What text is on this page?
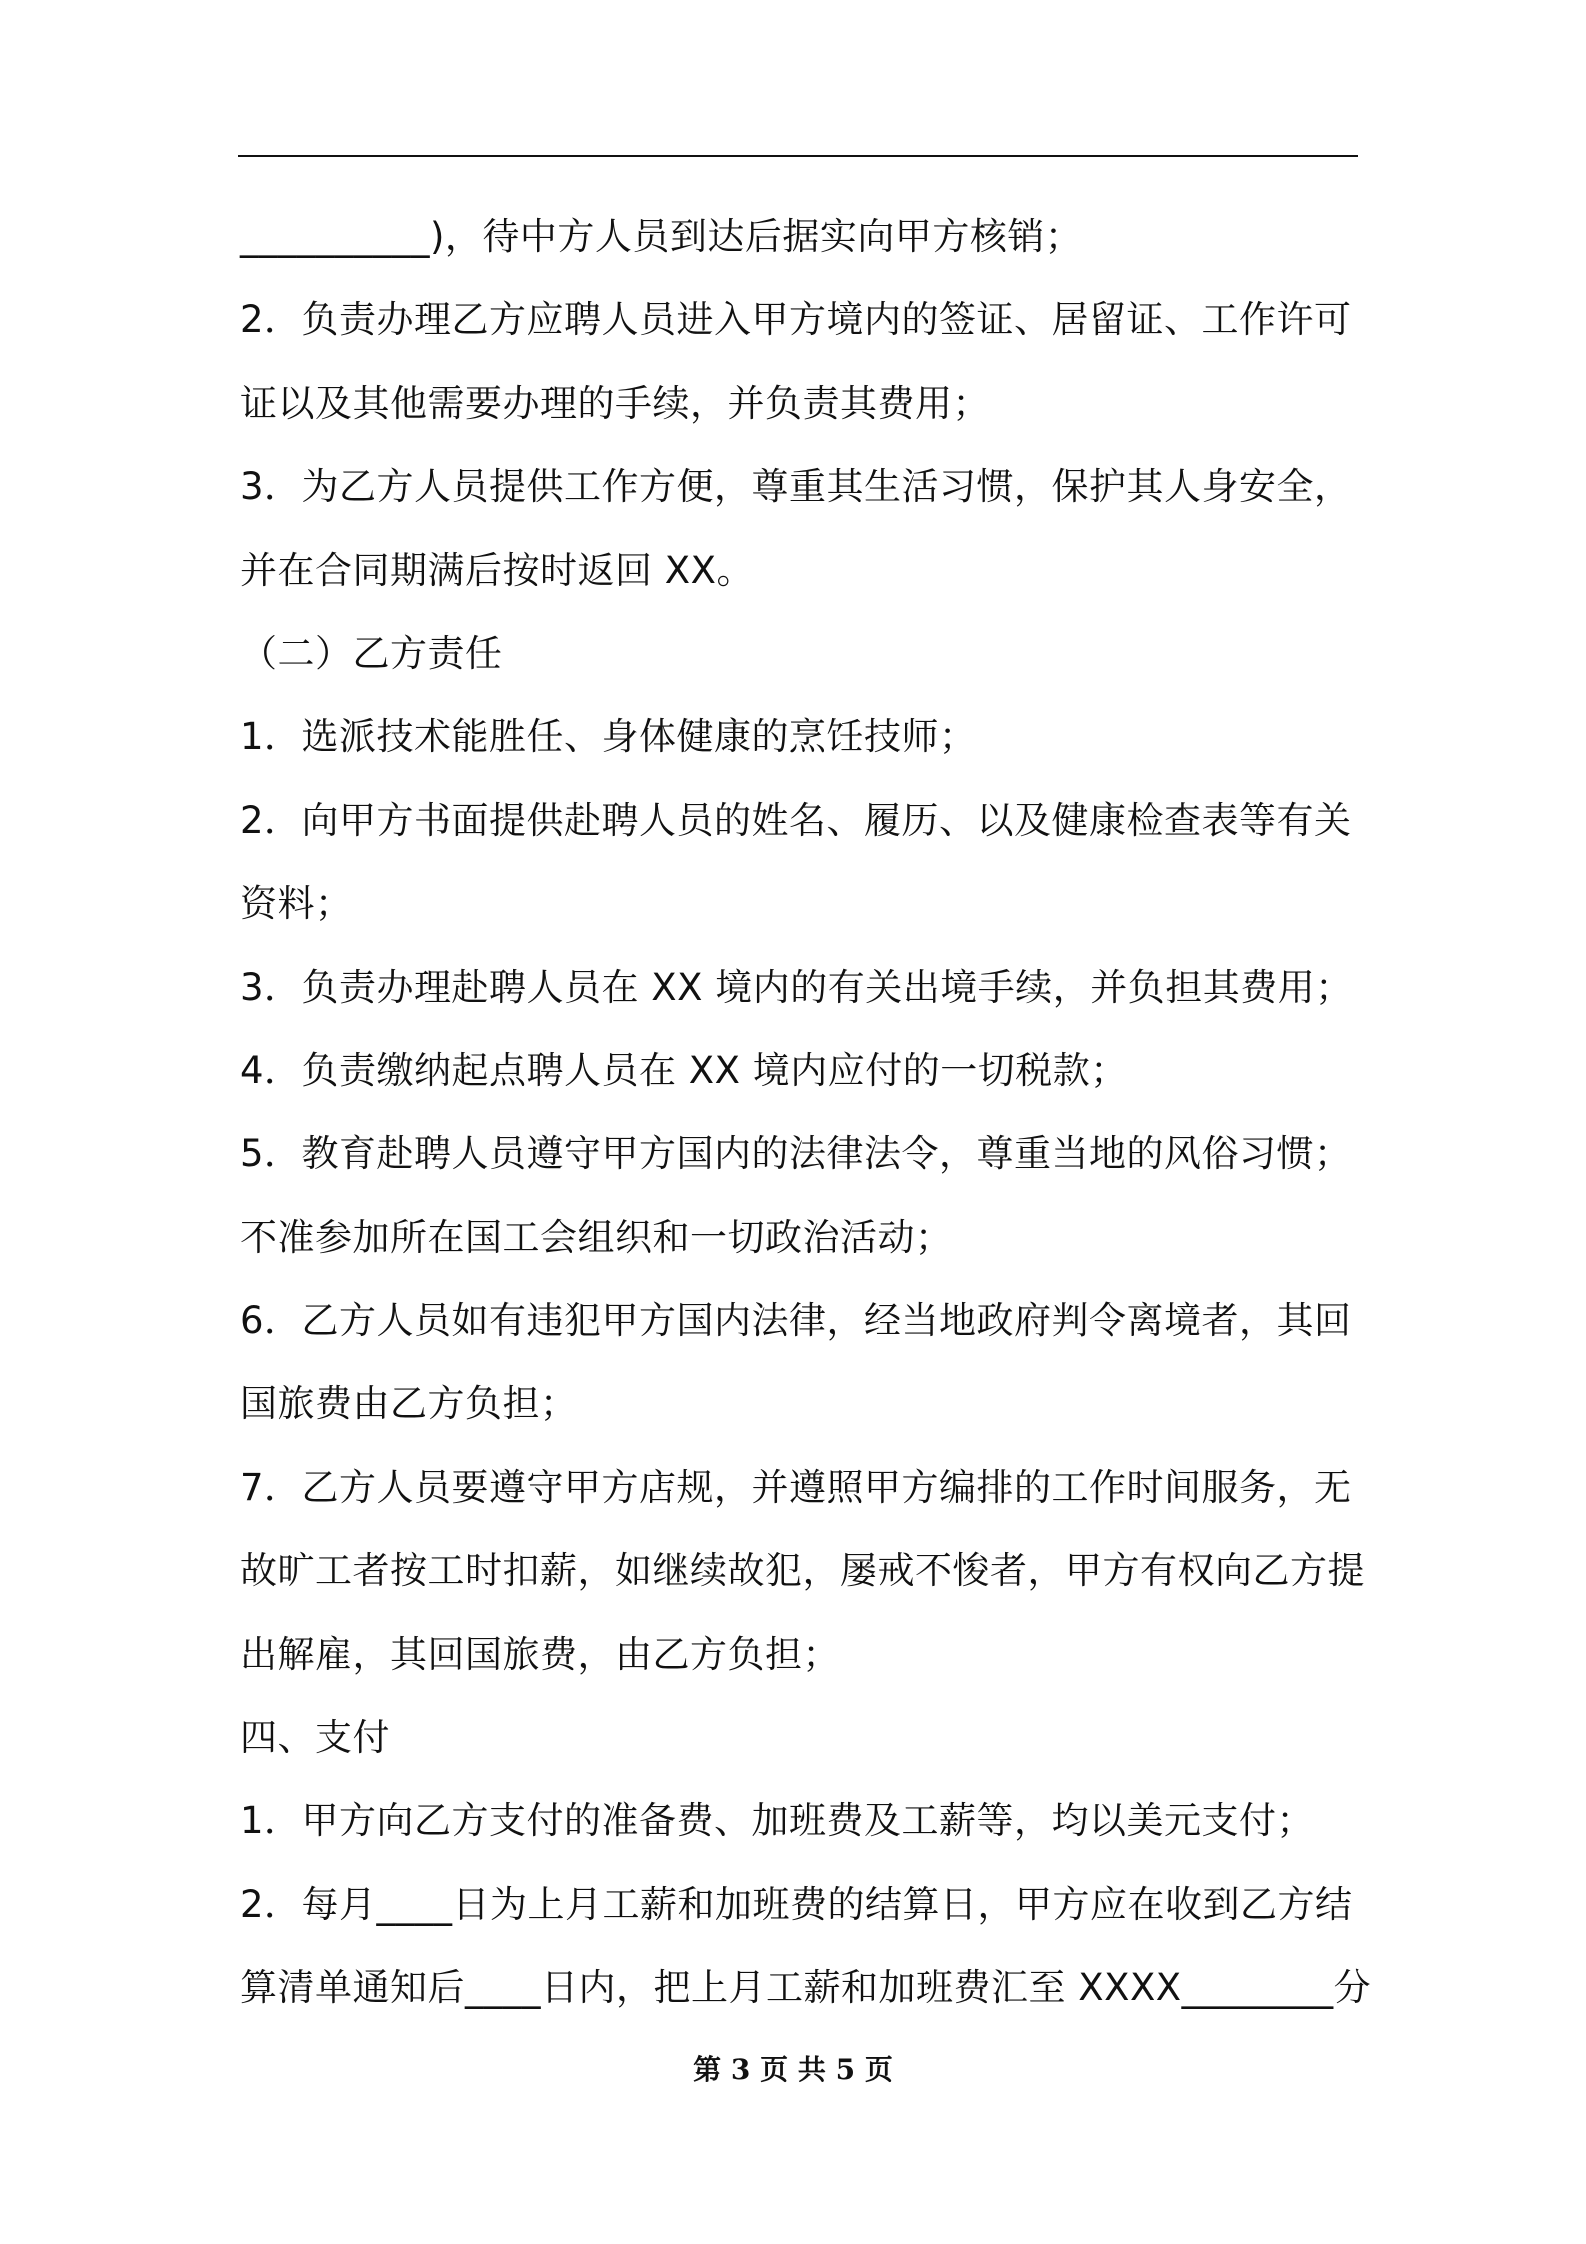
__________)，待中方人员到达后据实向甲方核销；
2．负责办理乙方应聘人员进入甲方境内的签证、居留证、工作许可
证以及其他需要办理的手续，并负责其费用；
3．为乙方人员提供工作方便，尊重其生活习惯，保护其人身安全，
并在合同期满后按时返回 XX。
（二）乙方责任
1．选派技术能胜任、身体健康的烹饪技师；
2．向甲方书面提供赴聘人员的姓名、履历、以及健康检查表等有关
资料；
3．负责办理赴聘人员在 XX 境内的有关出境手续，并负担其费用；
4．负责缴纳起点聘人员在 XX 境内应付的一切税款；
5．教育赴聘人员遵守甲方国内的法律法令，尊重当地的风俗习惯；
不准参加所在国工会组织和一切政治活动；
6．乙方人员如有违犯甲方国内法律，经当地政府判令离境者，其回
国旅费由乙方负担；
7．乙方人员要遵守甲方店规，并遵照甲方编排的工作时间服务，无
故旷工者按工时扣薪，如继续故犯，屡戒不悛者，甲方有权向乙方提
出解雇，其回国旅费，由乙方负担；
四、支付
1．甲方向乙方支付的准备费、加班费及工薪等，均以美元支付；
2．每月____日为上月工薪和加班费的结算日，甲方应在收到乙方结
算清单通知后____日内，把上月工薪和加班费汇至 XXXX________分
第 3 页 共 5 页
